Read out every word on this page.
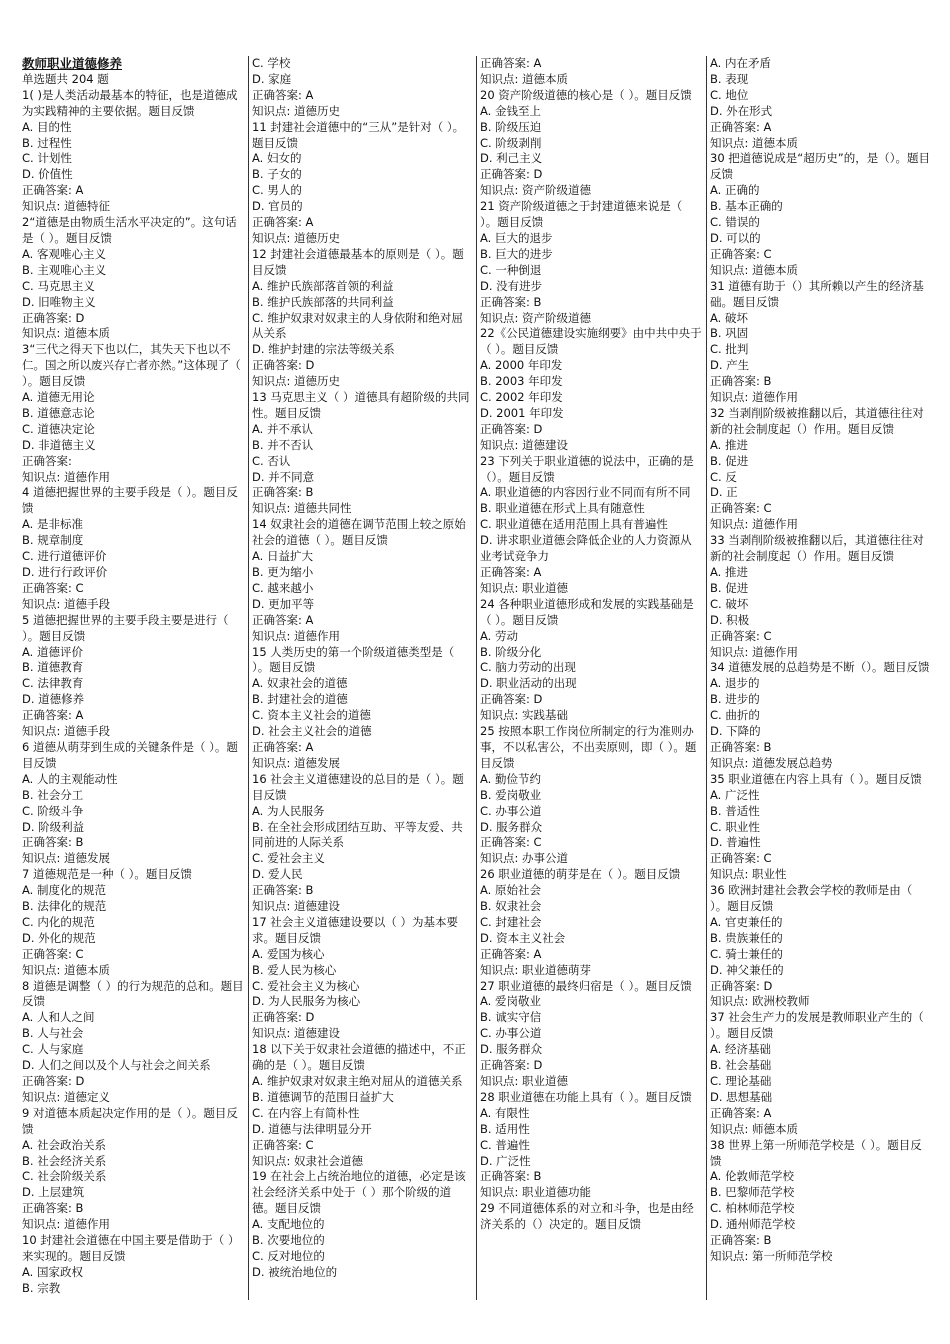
教师职业道德修养
单选题共 204 题
1( )是人类活动最基本的特征，也是道德成为实践精神的主要依据。题目反馈
A. 目的性
B. 过程性
C. 计划性
D. 价值性
正确答案: A
知识点: 道德特征
2“道德是由物质生活水平决定的”。这句话是（ ）。题目反馈
A. 客观唯心主义
B. 主观唯心主义
C. 马克思主义
D. 旧唯物主义
正确答案: D
知识点: 道德本质
3“三代之得天下也以仁，其失天下也以不仁。国之所以废兴存亡者亦然。”这体现了（ ）。题目反馈
A. 道德无用论
B. 道德意志论
C. 道德决定论
D. 非道德主义
正确答案:
知识点: 道德作用
4 道德把握世界的主要手段是（ ）。题目反馈
A. 是非标准
B. 规章制度
C. 进行道德评价
D. 进行行政评价
正确答案: C
知识点: 道德手段
5 道德把握世界的主要手段主要是进行（ ）。题目反馈
A. 道德评价
B. 道德教育
C. 法律教育
D. 道德修养
正确答案: A
知识点: 道德手段
6 道德从萌芽到生成的关键条件是（ ）。题目反馈
A. 人的主观能动性
B. 社会分工
C. 阶级斗争
D. 阶级利益
正确答案: B
知识点: 道德发展
7 道德规范是一种（ ）。题目反馈
A. 制度化的规范
B. 法律化的规范
C. 内化的规范
D. 外化的规范
正确答案: C
知识点: 道德本质
8 道德是调整（ ）的行为规范的总和。题目反馈
A. 人和人之间
B. 人与社会
C. 人与家庭
D. 人们之间以及个人与社会之间关系
正确答案: D
知识点: 道德定义
9 对道德本质起决定作用的是（ ）。题目反馈
A. 社会政治关系
B. 社会经济关系
C. 社会阶级关系
D. 上层建筑
正确答案: B
知识点: 道德作用
10 封建社会道德在中国主要是借助于（ ）来实现的。题目反馈
A. 国家政权
B. 宗教
C. 学校
D. 家庭
正确答案: A
知识点: 道德历史
11 封建社会道德中的“三从”是针对（ ）。题目反馈
A. 妇女的
B. 子女的
C. 男人的
D. 官员的
正确答案: A
知识点: 道德历史
12 封建社会道德最基本的原则是（ ）。题目反馈
A. 维护氏族部落首领的利益
B. 维护氏族部落的共同利益
C. 维护奴隶对奴隶主的人身依附和绝对屈从关系
D. 维护封建的宗法等级关系
正确答案: D
知识点: 道德历史
13 马克思主义（ ）道德具有超阶级的共同性。题目反馈
A. 并不承认
B. 并不否认
C. 否认
D. 并不同意
正确答案: B
知识点: 道德共同性
14 奴隶社会的道德在调节范围上较之原始社会的道德（ ）。题目反馈
A. 日益扩大
B. 更为缩小
C. 越来越小
D. 更加平等
正确答案: A
知识点: 道德作用
15 人类历史的第一个阶级道德类型是（ ）。题目反馈
A. 奴隶社会的道德
B. 封建社会的道德
C. 资本主义社会的道德
D. 社会主义社会的道德
正确答案: A
知识点: 道德发展
16 社会主义道德建设的总目的是（ ）。题目反馈
A. 为人民服务
B. 在全社会形成团结互助、平等友爱、共同前进的人际关系
C. 爱社会主义
D. 爱人民
正确答案: B
知识点: 道德建设
17 社会主义道德建设要以（ ）为基本要求。题目反馈
A. 爱国为核心
B. 爱人民为核心
C. 爱社会主义为核心
D. 为人民服务为核心
正确答案: D
知识点: 道德建设
18 以下关于奴隶社会道德的描述中，不正确的是（ ）。题目反馈
A. 维护奴隶对奴隶主绝对屈从的道德关系
B. 道德调节的范围日益扩大
C. 在内容上有简朴性
D. 道德与法律明显分开
正确答案: C
知识点: 奴隶社会道德
19 在社会上占统治地位的道德，必定是该社会经济关系中处于（ ）那个阶级的道德。题目反馈
A. 支配地位的
B. 次要地位的
C. 反对地位的
D. 被统治地位的
正确答案: A
知识点: 道德本质
20 资产阶级道德的核心是（ ）。题目反馈
A. 金钱至上
B. 阶级压迫
C. 阶级剥削
D. 利己主义
正确答案: D
知识点: 资产阶级道德
21 资产阶级道德之于封建道德来说是（ ）。题目反馈
A. 巨大的退步
B. 巨大的进步
C. 一种倒退
D. 没有进步
正确答案: B
知识点: 资产阶级道德
22《公民道德建设实施纲要》由中共中央于（ ）。题目反馈
A. 2000 年印发
B. 2003 年印发
C. 2002 年印发
D. 2001 年印发
正确答案: D
知识点: 道德建设
23 下列关于职业道德的说法中，正确的是（）。题目反馈
A. 职业道德的内容因行业不同而有所不同
B. 职业道德在形式上具有随意性
C. 职业道德在适用范围上具有普遍性
D. 讲求职业道德会降低企业的人力资源从业考试竞争力
正确答案: A
知识点: 职业道德
24 各种职业道德形成和发展的实践基础是（ ）。题目反馈
A. 劳动
B. 阶级分化
C. 脑力劳动的出现
D. 职业活动的出现
正确答案: D
知识点: 实践基础
25 按照本职工作岗位所制定的行为准则办事，不以私害公，不出卖原则，即（ ）。题目反馈
A. 勤俭节约
B. 爱岗敬业
C. 办事公道
D. 服务群众
正确答案: C
知识点: 办事公道
26 职业道德的萌芽是在（ ）。题目反馈
A. 原始社会
B. 奴隶社会
C. 封建社会
D. 资本主义社会
正确答案: A
知识点: 职业道德萌芽
27 职业道德的最终归宿是（ ）。题目反馈
A. 爱岗敬业
B. 诚实守信
C. 办事公道
D. 服务群众
正确答案: D
知识点: 职业道德
28 职业道德在功能上具有（ ）。题目反馈
A. 有限性
B. 适用性
C. 普遍性
D. 广泛性
正确答案: B
知识点: 职业道德功能
29 不同道德体系的对立和斗争，也是由经济关系的（）决定的。题目反馈
A. 内在矛盾
B. 表现
C. 地位
D. 外在形式
正确答案: A
知识点: 道德本质
30 把道德说成是“超历史”的，是（）。题目反馈
A. 正确的
B. 基本正确的
C. 错误的
D. 可以的
正确答案: C
知识点: 道德本质
31 道德有助于（）其所赖以产生的经济基础。题目反馈
A. 破坏
B. 巩固
C. 批判
D. 产生
正确答案: B
知识点: 道德作用
32 当剥削阶级被推翻以后，其道德往往对新的社会制度起（）作用。题目反馈
A. 推进
B. 促进
C. 反
D. 正
正确答案: C
知识点: 道德作用
33 当剥削阶级被推翻以后，其道德往往对新的社会制度起（）作用。题目反馈
A. 推进
B. 促进
C. 破坏
D. 积极
正确答案: C
知识点: 道德作用
34 道德发展的总趋势是不断（）。题目反馈
A. 退步的
B. 进步的
C. 曲折的
D. 下降的
正确答案: B
知识点: 道德发展总趋势
35 职业道德在内容上具有（ ）。题目反馈
A. 广泛性
B. 普适性
C. 职业性
D. 普遍性
正确答案: C
知识点: 职业性
36 欧洲封建社会教会学校的教师是由（ ）。题目反馈
A. 官吏兼任的
B. 贵族兼任的
C. 骑士兼任的
D. 神父兼任的
正确答案: D
知识点: 欧洲校教师
37 社会生产力的发展是教师职业产生的（ ）。题目反馈
A. 经济基础
B. 社会基础
C. 理论基础
D. 思想基础
正确答案: A
知识点: 师德本质
38 世界上第一所师范学校是（ ）。题目反馈
A. 伦敦师范学校
B. 巴黎师范学校
C. 柏林师范学校
D. 通州师范学校
正确答案: B
知识点: 第一所师范学校
